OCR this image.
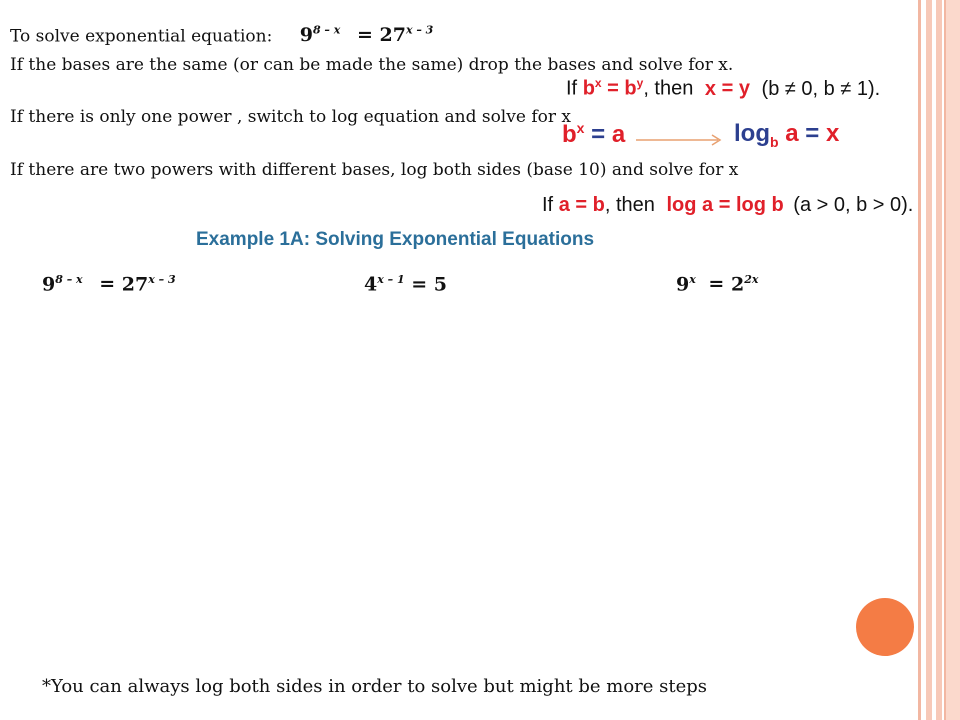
To solve exponential equation: $9^{8 - x} = 27^{x - 3}$
If the bases are the same (or can be made the same) drop the bases and solve for x.
If $b^x = b^y$, then x = y (b ≠ 0, b ≠ 1).
If there is only one power , switch to log equation and solve for x
$b^x = a$	$\log_b a = x$
If there are two powers with different bases, log both sides (base 10) and solve for x
If a = b, then log a = log b (a > 0, b > 0).
Example 1A: Solving Exponential Equations
$9^{8 - x} = 27^{x - 3}$	$4^{x - 1} = 5$	$9^x = 2^{2x}$
*You can always log both sides in order to solve but might be more steps
